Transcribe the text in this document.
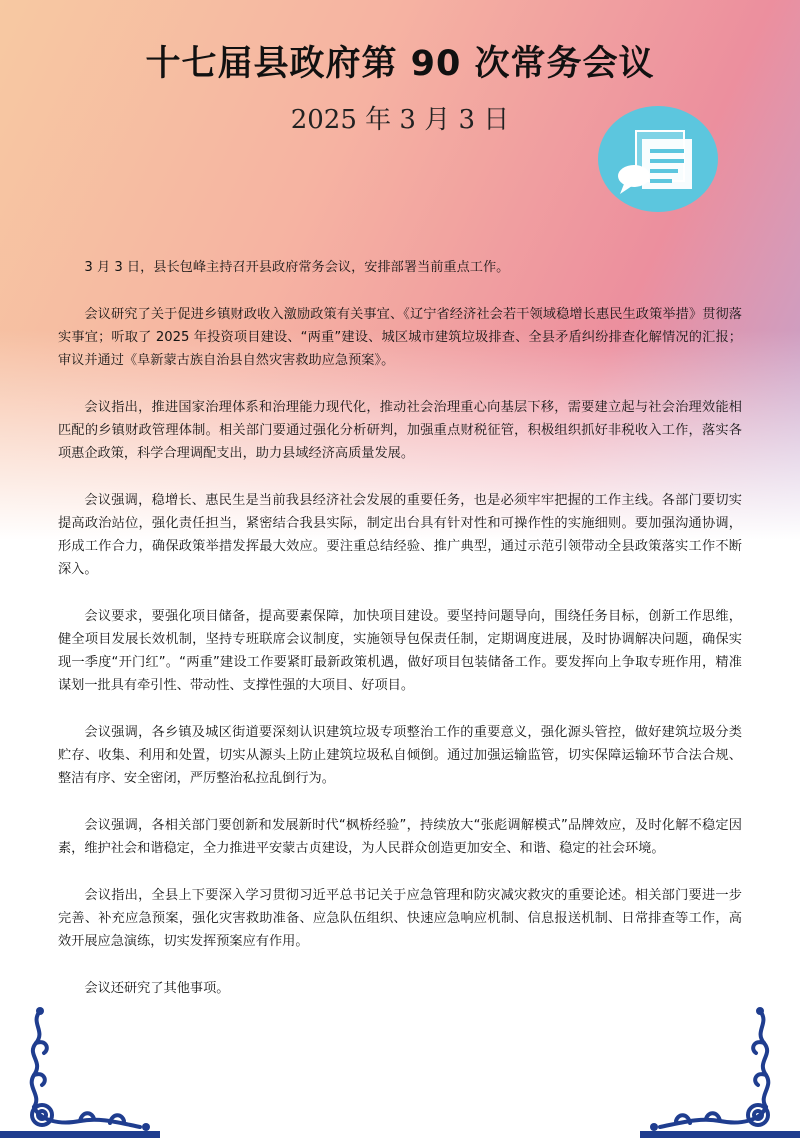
十七届县政府第 90 次常务会议
2025 年 3 月 3 日

3 月 3 日，县长包峰主持召开县政府常务会议，安排部署当前重点工作。

会议研究了关于促进乡镇财政收入激励政策有关事宜、《辽宁省经济社会若干领域稳增长惠民生政策举措》贯彻落实事宜；听取了 2025 年投资项目建设、“两重”建设、城区城市建筑垃圾排查、全县矛盾纠纷排查化解情况的汇报；审议并通过《阜新蒙古族自治县自然灾害救助应急预案》。

会议指出，推进国家治理体系和治理能力现代化，推动社会治理重心向基层下移，需要建立起与社会治理效能相匹配的乡镇财政管理体制。相关部门要通过强化分析研判，加强重点财税征管，积极组织抓好非税收入工作，落实各项惠企政策，科学合理调配支出，助力县域经济高质量发展。

会议强调，稳增长、惠民生是当前我县经济社会发展的重要任务，也是必须牢牢把握的工作主线。各部门要切实提高政治站位，强化责任担当，紧密结合我县实际，制定出台具有针对性和可操作性的实施细则。要加强沟通协调，形成工作合力，确保政策举措发挥最大效应。要注重总结经验、推广典型，通过示范引领带动全县政策落实工作不断深入。

会议要求，要强化项目储备，提高要素保障，加快项目建设。要坚持问题导向，围绕任务目标，创新工作思维，健全项目发展长效机制，坚持专班联席会议制度，实施领导包保责任制，定期调度进展，及时协调解决问题，确保实现一季度“开门红”。“两重”建设工作要紧盯最新政策机遇，做好项目包装储备工作。要发挥向上争取专班作用，精准谋划一批具有牵引性、带动性、支撑性强的大项目、好项目。

会议强调，各乡镇及城区街道要深刻认识建筑垃圾专项整治工作的重要意义，强化源头管控，做好建筑垃圾分类贮存、收集、利用和处置，切实从源头上防止建筑垃圾私自倾倒。通过加强运输监管，切实保障运输环节合法合规、整洁有序、安全密闭，严厉整治私拉乱倒行为。

会议强调，各相关部门要创新和发展新时代“枫桥经验”，持续放大“张彪调解模式”品牌效应，及时化解不稳定因素，维护社会和谐稳定，全力推进平安蒙古贞建设，为人民群众创造更加安全、和谐、稳定的社会环境。

会议指出，全县上下要深入学习贯彻习近平总书记关于应急管理和防灾减灾救灾的重要论述。相关部门要进一步完善、补充应急预案，强化灾害救助准备、应急队伍组织、快速应急响应机制、信息报送机制、日常排查等工作，高效开展应急演练，切实发挥预案应有作用。

会议还研究了其他事项。
